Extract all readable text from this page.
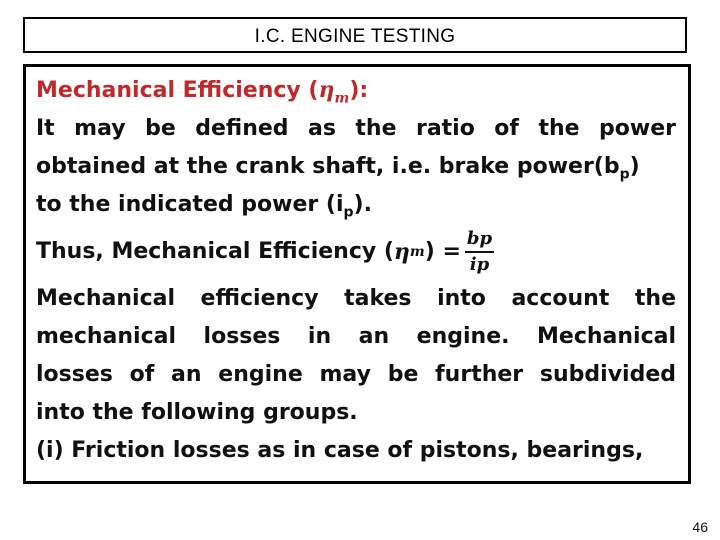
I.C. ENGINE TESTING
Mechanical Efficiency $(\eta_m)$:
It may be defined as the ratio of the power
obtained at the crank shaft, i.e. brake $power(b_p)$
to the indicated power $(i_p)$.
Thus, Mechanical Efficiency ( η m ) = $\frac{bp}{ip}$
Mechanical efficiency takes into account the
mechanical losses in an engine. Mechanical
losses of an engine may be further subdivided
into the following groups.
(i) Friction losses as in case of pistons, bearings,
46
